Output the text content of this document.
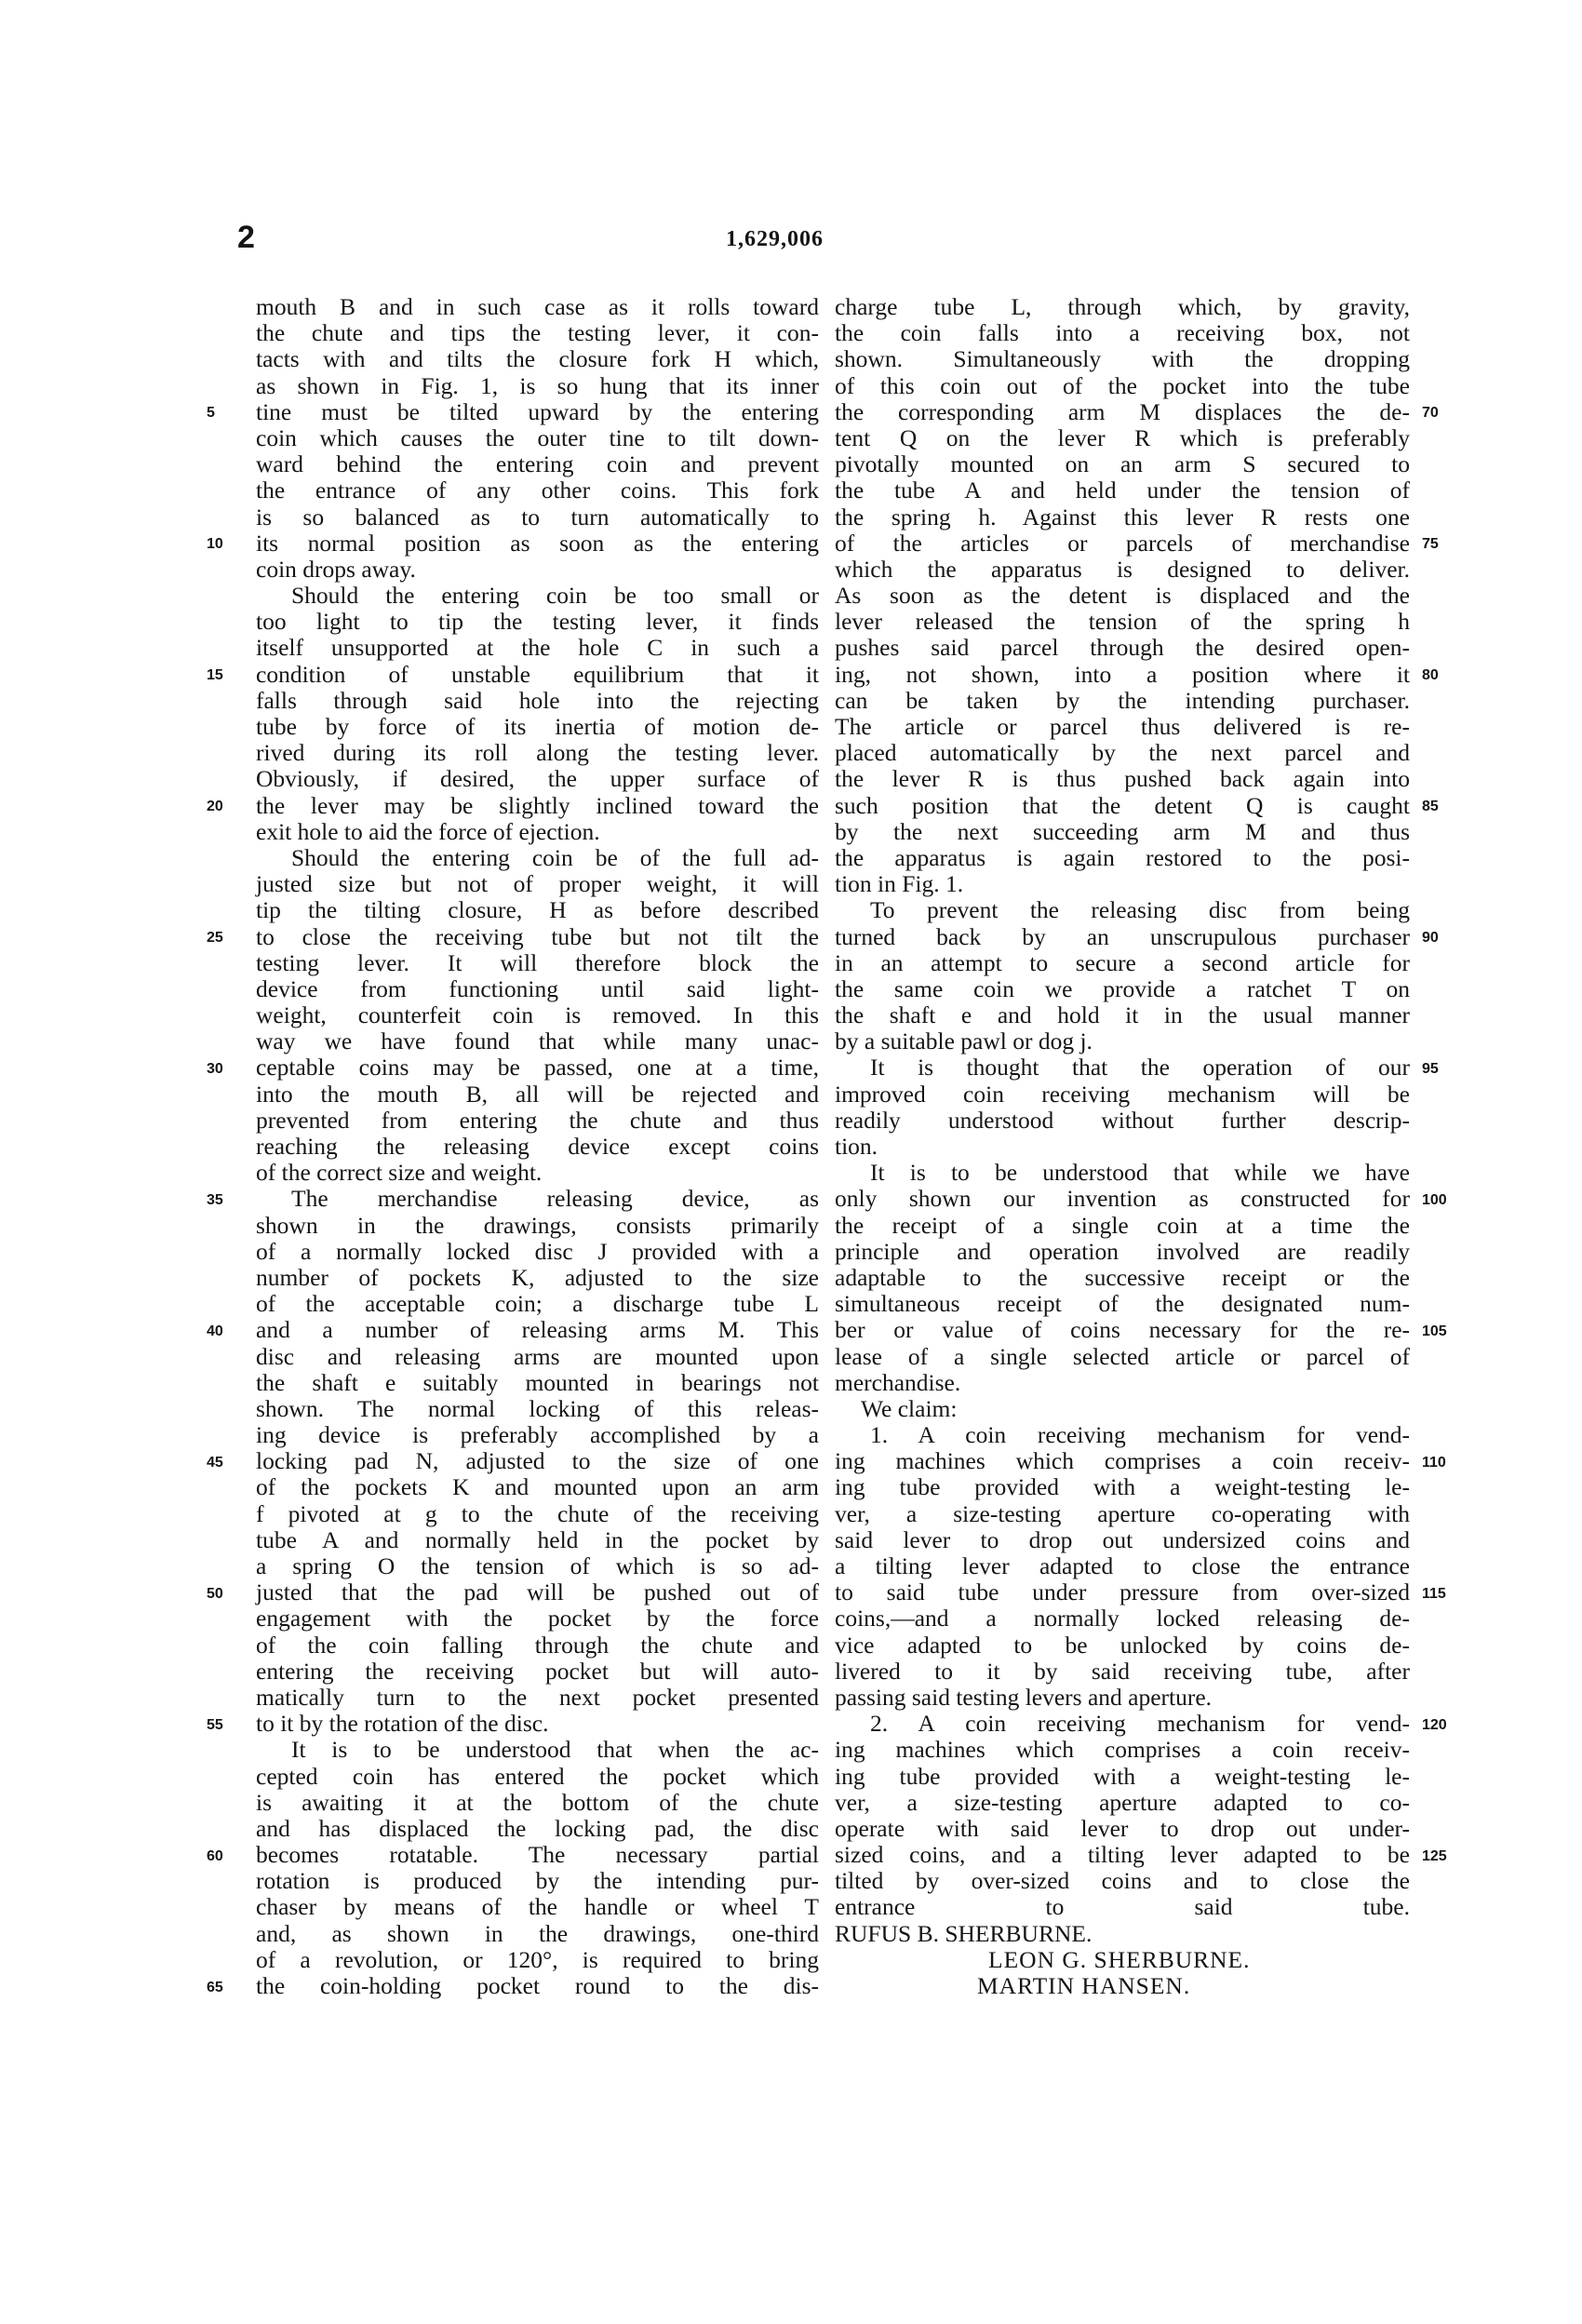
2	1,629,006
mouth B and in such case as it rolls toward
the chute and tips the testing lever, it con-
tacts with and tilts the closure fork H which,
as shown in Fig. 1, is so hung that its inner
tine must be tilted upward by the entering
coin which causes the outer tine to tilt down-
ward behind the entering coin and prevent
the entrance of any other coins. This fork
is so balanced as to turn automatically to
its normal position as soon as the entering
coin drops away.
Should the entering coin be too small or
too light to tip the testing lever, it finds
itself unsupported at the hole C in such a
condition of unstable equilibrium that it
falls through said hole into the rejecting
tube by force of its inertia of motion de-
rived during its roll along the testing lever.
Obviously, if desired, the upper surface of
the lever may be slightly inclined toward the
exit hole to aid the force of ejection.
Should the entering coin be of the full ad-
justed size but not of proper weight, it will
tip the tilting closure, H as before described
to close the receiving tube but not tilt the
testing lever. It will therefore block the
device from functioning until said light-
weight, counterfeit coin is removed. In this
way we have found that while many unac-
ceptable coins may be passed, one at a time,
into the mouth B, all will be rejected and
prevented from entering the chute and thus
reaching the releasing device except coins
of the correct size and weight.
The merchandise releasing device, as
shown in the drawings, consists primarily
of a normally locked disc J provided with a
number of pockets K, adjusted to the size
of the acceptable coin; a discharge tube L
and a number of releasing arms M. This
disc and releasing arms are mounted upon
the shaft e suitably mounted in bearings not
shown. The normal locking of this releas-
ing device is preferably accomplished by a
locking pad N, adjusted to the size of one
of the pockets K and mounted upon an arm
f pivoted at g to the chute of the receiving
tube A and normally held in the pocket by
a spring O the tension of which is so ad-
justed that the pad will be pushed out of
engagement with the pocket by the force
of the coin falling through the chute and
entering the receiving pocket but will auto-
matically turn to the next pocket presented
to it by the rotation of the disc.
It is to be understood that when the ac-
cepted coin has entered the pocket which
is awaiting it at the bottom of the chute
and has displaced the locking pad, the disc
becomes rotatable. The necessary partial
rotation is produced by the intending pur-
chaser by means of the handle or wheel T
and, as shown in the drawings, one-third
of a revolution, or 120°, is required to bring
the coin-holding pocket round to the dis-
charge tube L, through which, by gravity,
the coin falls into a receiving box, not
shown. Simultaneously with the dropping
of this coin out of the pocket into the tube
the corresponding arm M displaces the de-
tent Q on the lever R which is preferably
pivotally mounted on an arm S secured to
the tube A and held under the tension of
the spring h. Against this lever R rests one
of the articles or parcels of merchandise
which the apparatus is designed to deliver.
As soon as the detent is displaced and the
lever released the tension of the spring h
pushes said parcel through the desired open-
ing, not shown, into a position where it
can be taken by the intending purchaser.
The article or parcel thus delivered is re-
placed automatically by the next parcel and
the lever R is thus pushed back again into
such position that the detent Q is caught
by the next succeeding arm M and thus
the apparatus is again restored to the posi-
tion in Fig. 1.
To prevent the releasing disc from being
turned back by an unscrupulous purchaser
in an attempt to secure a second article for
the same coin we provide a ratchet T on
the shaft e and hold it in the usual manner
by a suitable pawl or dog j.
It is thought that the operation of our
improved coin receiving mechanism will be
readily understood without further descrip-
tion.
It is to be understood that while we have
only shown our invention as constructed for
the receipt of a single coin at a time the
principle and operation involved are readily
adaptable to the successive receipt or the
simultaneous receipt of the designated num-
ber or value of coins necessary for the re-
lease of a single selected article or parcel of
merchandise.
We claim:
1. A coin receiving mechanism for vend-
ing machines which comprises a coin receiv-
ing tube provided with a weight-testing le-
ver, a size-testing aperture co-operating with
said lever to drop out undersized coins and
a tilting lever adapted to close the entrance
to said tube under pressure from over-sized
coins,—and a normally locked releasing de-
vice adapted to be unlocked by coins de-
livered to it by said receiving tube, after
passing said testing levers and aperture.
2. A coin receiving mechanism for vend-
ing machines which comprises a coin receiv-
ing tube provided with a weight-testing le-
ver, a size-testing aperture adapted to co-
operate with said lever to drop out under-
sized coins, and a tilting lever adapted to be
tilted by over-sized coins and to close the
entrance to said tube.
RUFUS B. SHERBURNE.
LEON G. SHERBURNE.
MARTIN HANSEN.
5
10
15
20
25
30
35
40
45
50
55
60
65
70
75
80
85
90
95
100
105
110
115
120
125
